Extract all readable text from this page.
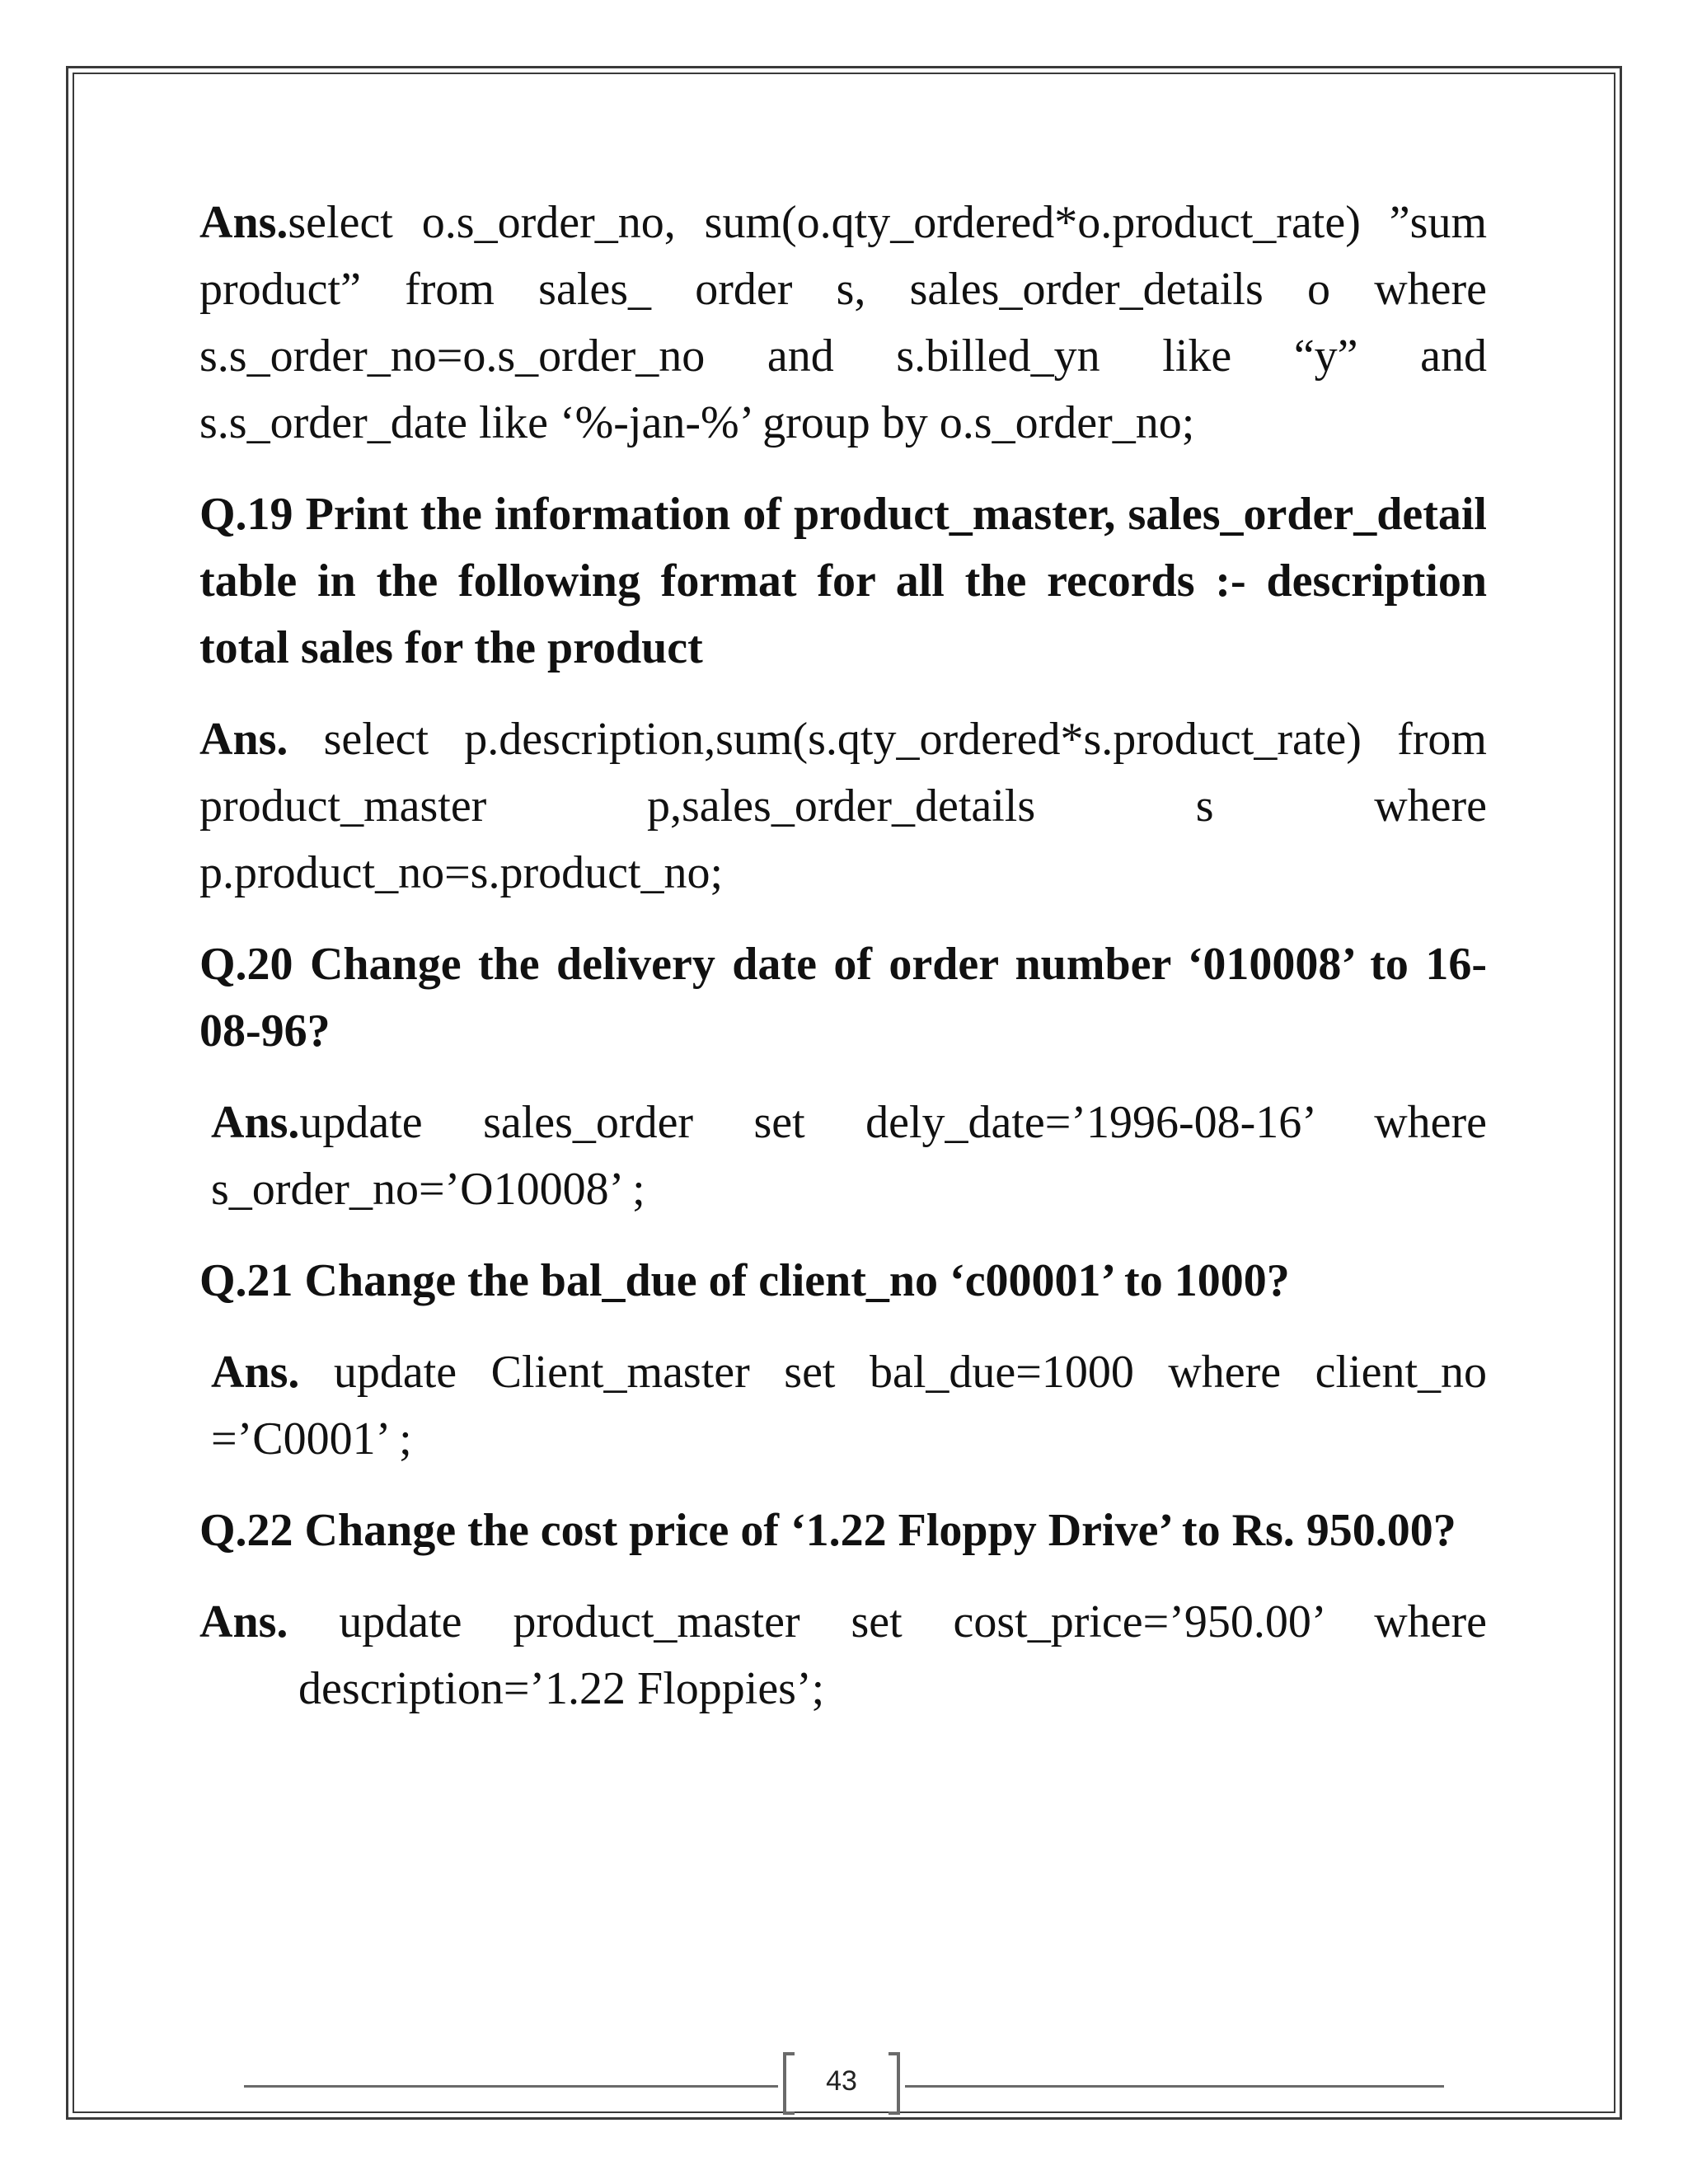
Ans.select o.s_order_no, sum(o.qty_ordered*o.product_rate) ”sum product” from sales_ order s, sales_order_details o where s.s_order_no=o.s_order_no and s.billed_yn like “y” and s.s_order_date like ‘%-jan-%’ group by o.s_order_no;

Q.19 Print the information of product_master, sales_order_detail table in the following format for all the records :- description total sales for the product

Ans. select p.description,sum(s.qty_ordered*s.product_rate) from product_master p,sales_order_details s where p.product_no=s.product_no;

Q.20 Change the delivery date of order number ‘010008’ to 16-08-96?

Ans.update sales_order set dely_date=’1996-08-16’ where s_order_no=’O10008’ ;

Q.21 Change the bal_due of client_no ‘c00001’ to 1000?

Ans. update Client_master set bal_due=1000 where client_no =’C0001’ ;

Q.22 Change the cost price of ‘1.22 Floppy Drive’ to Rs. 950.00?

Ans. update product_master set cost_price=’950.00’ where description=’1.22 Floppies’;

43
